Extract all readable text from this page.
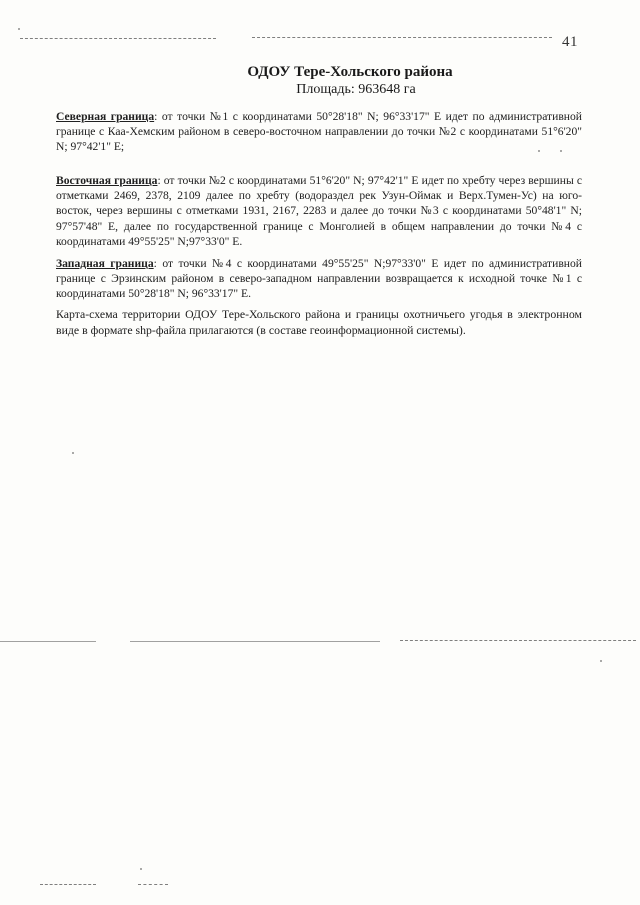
41
ОДОУ Тере-Хольского района
Площадь: 963648 га
Северная граница: от точки №1 с координатами 50°28'18" N; 96°33'17" E идет по административной границе с Каа-Хемским районом в северо-восточном направлении до точки №2 с координатами 51°6'20" N; 97°42'1" E;
Восточная граница: от точки №2 с координатами 51°6'20" N; 97°42'1" E идет по хребту через вершины с отметками 2469, 2378, 2109 далее по хребту (водораздел рек Узун-Оймак и Верх.Тумен-Ус) на юго-восток, через вершины с отметками 1931, 2167, 2283 и далее до точки №3 с координатами 50°48'1" N; 97°57'48" E, далее по государственной границе с Монголией в общем направлении до точки №4 с координатами 49°55'25" N;97°33'0" E.
Западная граница: от точки №4 с координатами 49°55'25" N;97°33'0" E идет по административной границе с Эрзинским районом в северо-западном направлении возвращается к исходной точке №1 с координатами 50°28'18" N; 96°33'17" E.
Карта-схема территории ОДОУ Тере-Хольского района и границы охотничьего угодья в электронном виде в формате shp-файла прилагаются (в составе геоинформационной системы).
